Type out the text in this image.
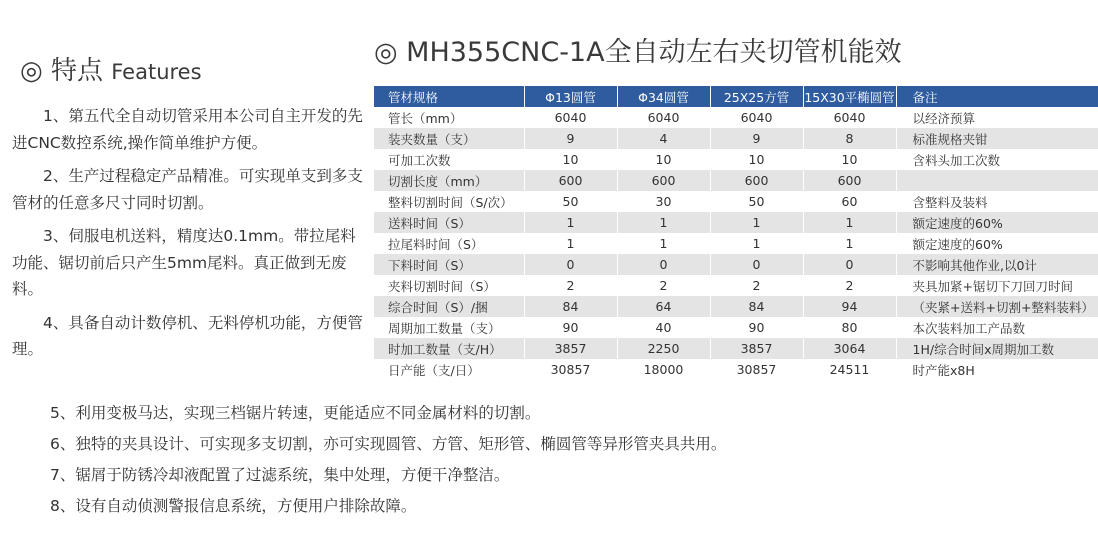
◎ 特点 Features

1、第五代全自动切管采用本公司自主开发的先进CNC数控系统,操作简单维护方便。

2、生产过程稳定产品精准。可实现单支到多支管材的任意多尺寸同时切割。

3、伺服电机送料，精度达0.1mm。带拉尾料功能、锯切前后只产生5mm尾料。真正做到无废料。

4、具备自动计数停机、无料停机功能，方便管理。

◎ MH355CNC-1A全自动左右夹切管机能效
管材规格	Φ13圆管	Φ34圆管	25X25方管	15X30平椭圆管	备注
管长（mm）	6040	6040	6040	6040	以经济预算
装夹数量（支）	9	4	9	8	标准规格夹钳
可加工次数	10	10	10	10	含料头加工次数
切割长度（mm）	600	600	600	600	
整料切割时间（S/次）	50	30	50	60	含整料及装料
送料时间（S）	1	1	1	1	额定速度的60%
拉尾料时间（S）	1	1	1	1	额定速度的60%
下料时间（S）	0	0	0	0	不影响其他作业,以0计
夹料切割时间（S）	2	2	2	2	夹具加紧+锯切下刀回刀时间
综合时间（S）/捆	84	64	84	94	（夹紧+送料+切割+整料装料）
周期加工数量（支）	90	40	90	80	本次装料加工产品数
时加工数量（支/H）	3857	2250	3857	3064	1H/综合时间x周期加工数
日产能（支/日）	30857	18000	30857	24511	时产能x8H

5、利用变极马达，实现三档锯片转速，更能适应不同金属材料的切割。

6、独特的夹具设计、可实现多支切割，亦可实现圆管、方管、矩形管、椭圆管等异形管夹具共用。

7、锯屑于防锈冷却液配置了过滤系统，集中处理，方便干净整洁。

8、设有自动侦测警报信息系统，方便用户排除故障。
